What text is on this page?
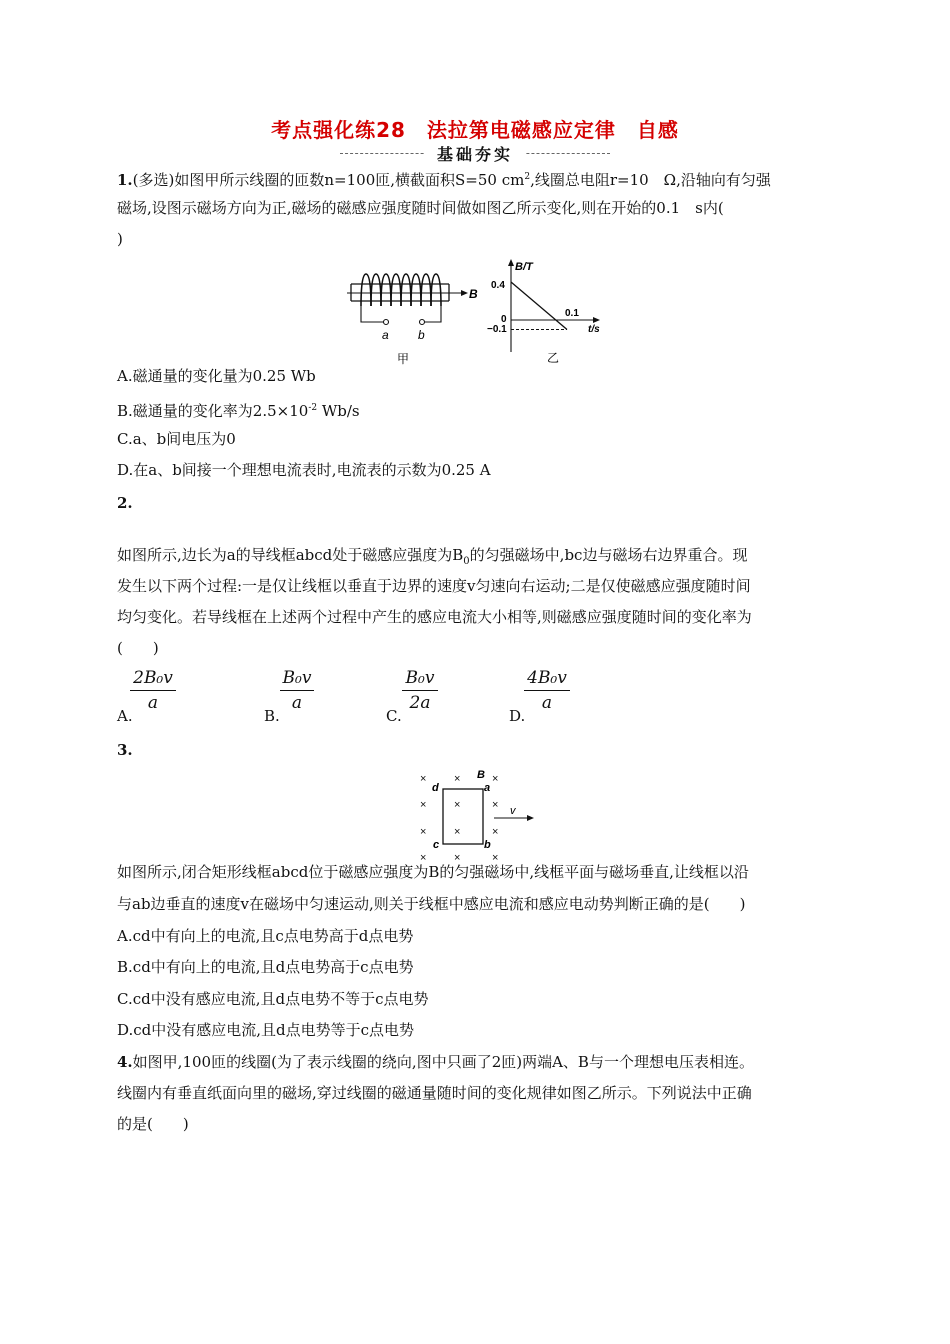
考点强化练28　法拉第电磁感应定律　自感
基础夯实
1.(多选)如图甲所示线圈的匝数n=100匝,横截面积S=50 $cm^2$,线圈总电阻r=10　Ω,沿轴向有匀强
磁场,设图示磁场方向为正,磁场的磁感应强度随时间做如图乙所示变化,则在开始的0.1　s内(
)
B
a b
甲
B/T
t/s
0.4
0
−0.1
0.1
乙
A.磁通量的变化量为0.25 Wb
B.磁通量的变化率为$2.5\times 10^{-2}$ Wb/s
C.a、b间电压为0
D.在a、b间接一个理想电流表时,电流表的示数为0.25 A
2.
如图所示,边长为a的导线框abcd处于磁感应强度为$B_0$的匀强磁场中,bc边与磁场右边界重合。现
发生以下两个过程:一是仅让线框以垂直于边界的速度v匀速向右运动;二是仅使磁感应强度随时间
均匀变化。若导线框在上述两个过程中产生的感应电流大小相等,则磁感应强度随时间的变化率为
(　　)
A.
2B₀v
a
B.
B₀v
a
C.
B₀v
2a
D.
4B₀v
a
3.
×	×	×
×	×	×
×	×	×
×	×	×
B
d	a
c	b
v
如图所示,闭合矩形线框abcd位于磁感应强度为B的匀强磁场中,线框平面与磁场垂直,让线框以沿
与ab边垂直的速度v在磁场中匀速运动,则关于线框中感应电流和感应电动势判断正确的是(　　)
A.cd中有向上的电流,且c点电势高于d点电势
B.cd中有向上的电流,且d点电势高于c点电势
C.cd中没有感应电流,且d点电势不等于c点电势
D.cd中没有感应电流,且d点电势等于c点电势
4.如图甲,100匝的线圈(为了表示线圈的绕向,图中只画了2匝)两端A、B与一个理想电压表相连。
线圈内有垂直纸面向里的磁场,穿过线圈的磁通量随时间的变化规律如图乙所示。下列说法中正确
的是(　　)
